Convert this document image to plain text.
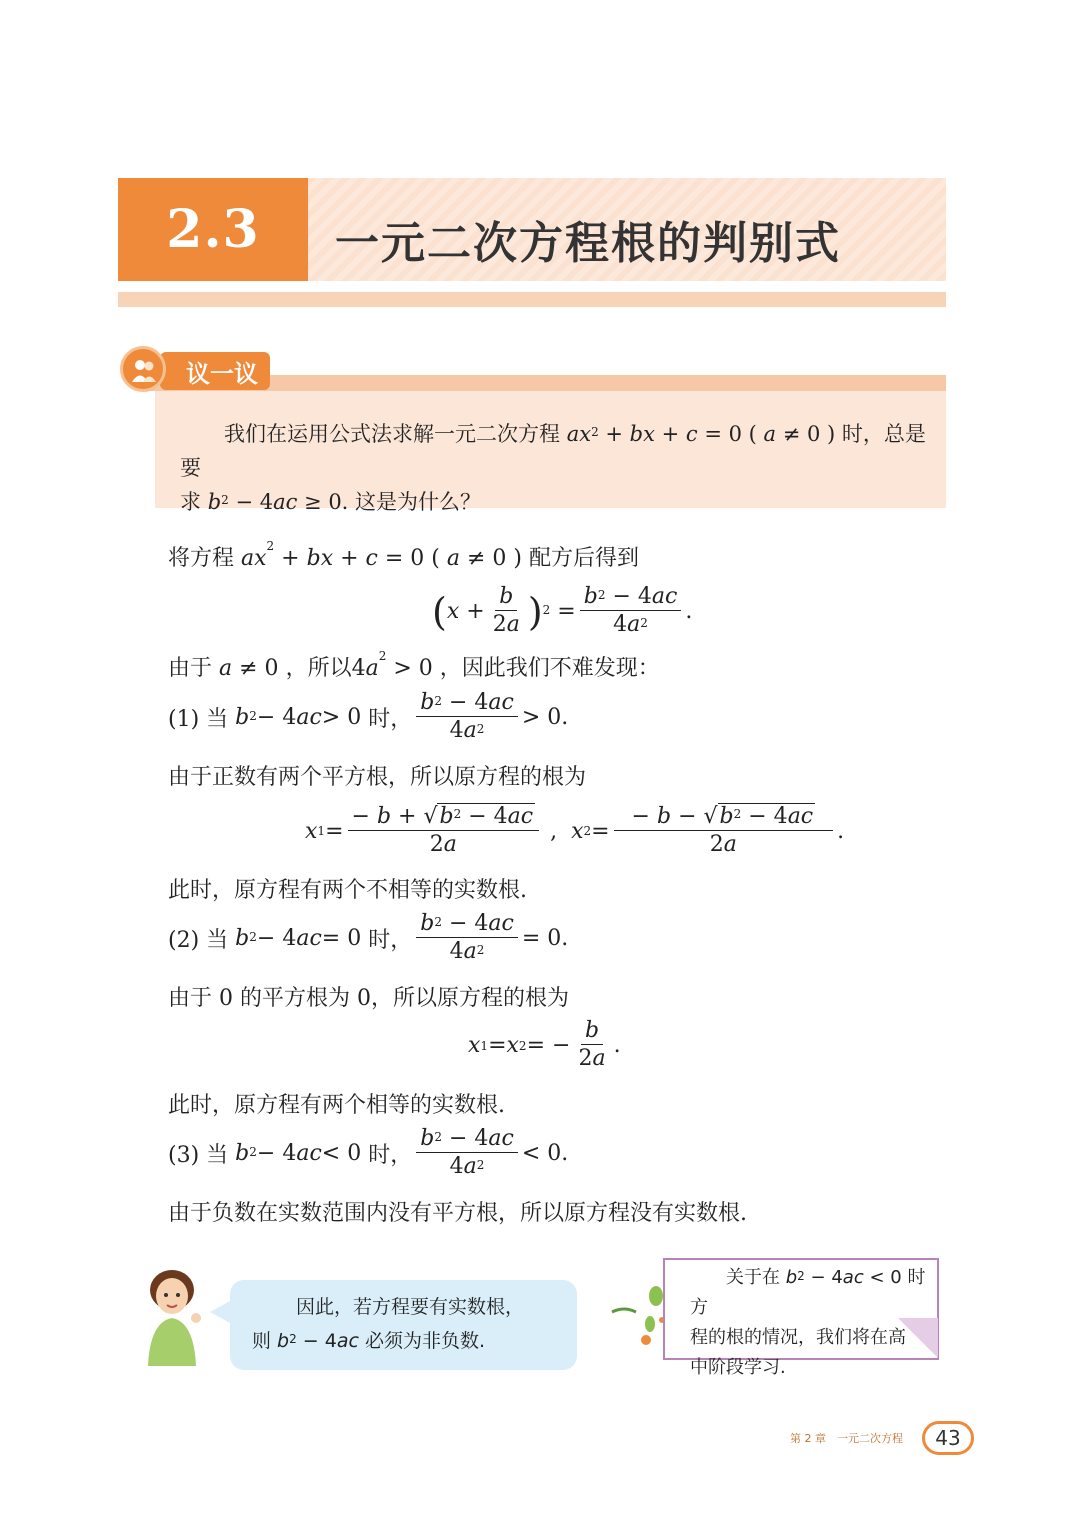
2.3	一元二次方程根的判别式
议一议
我们在运用公式法求解一元二次方程 $ax^2$ + bx + c = 0 ( a ≠ 0 ) 时，总是要
求 $b^2 - 4ac \ge 0$. 这是为什么？
将方程 $ax^2$ + bx + c = 0 ( a ≠ 0 ) 配方后得到
( $x + \frac{b}{2a} )^2 = \frac{b^2 - 4ac}{4a^2}$ .
由于 a ≠ 0 ，所以$4a^2 > 0$ ，因此我们不难发现：
(1) 当
$b^2 - 4$ ac > 0 时， $\frac{b^2 - 4ac}{4a^2} > 0$.
由于正数有两个平方根，所以原方程的根为
x $1 = \frac{- b + √b^2 - 4ac}{2a}$ , x $2 = \frac{- b - √b^2 - 4ac}{2a}$ .
此时，原方程有两个不相等的实数根.
(2) 当
$b^2 - 4$ ac = 0 时， $\frac{b^2 - 4ac}{4a^2} = 0$.
由于 0 的平方根为 0，所以原方程的根为
x 1 = x 2 = − $\frac{b}{2a}$ .
此时，原方程有两个相等的实数根.
(3) 当
$b^2 - 4$ ac < 0 时， $\frac{b^2 - 4ac}{4a^2} < 0$.
由于负数在实数范围内没有平方根，所以原方程没有实数根.
因此，若方程要有实数根，
则 $b^2 - 4ac$ 必须为非负数.
关于在 $b^2 - 4ac < 0$ 时方
程的根的情况，我们将在高
中阶段学习.
第 2 章　一元二次方程	43
